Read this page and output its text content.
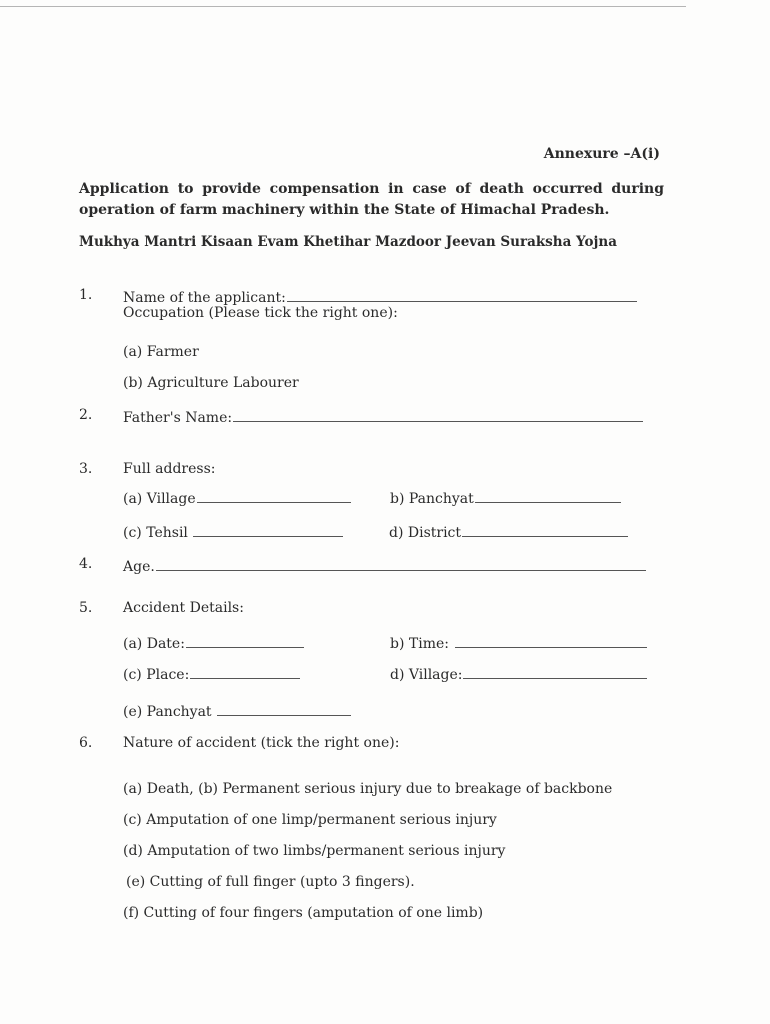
Annexure –A(i)
Application to provide compensation in case of death occurred during operation of farm machinery within the State of Himachal Pradesh.
Mukhya Mantri Kisaan Evam Khetihar Mazdoor Jeevan Suraksha Yojna
1. Name of the applicant:
Occupation (Please tick the right one):
(a) Farmer
(b) Agriculture Labourer
2. Father's Name:
3. Full address:
(a) Village	b) Panchyat
(c) Tehsil	d) District
4. Age.
5. Accident Details:
(a) Date:	b) Time:
(c) Place:	d) Village:
(e) Panchyat
6. Nature of accident (tick the right one):
(a) Death, (b) Permanent serious injury due to breakage of backbone
(c) Amputation of one limp/permanent serious injury
(d) Amputation of two limbs/permanent serious injury
(e) Cutting of full finger (upto 3 fingers).
(f) Cutting of four fingers (amputation of one limb)
